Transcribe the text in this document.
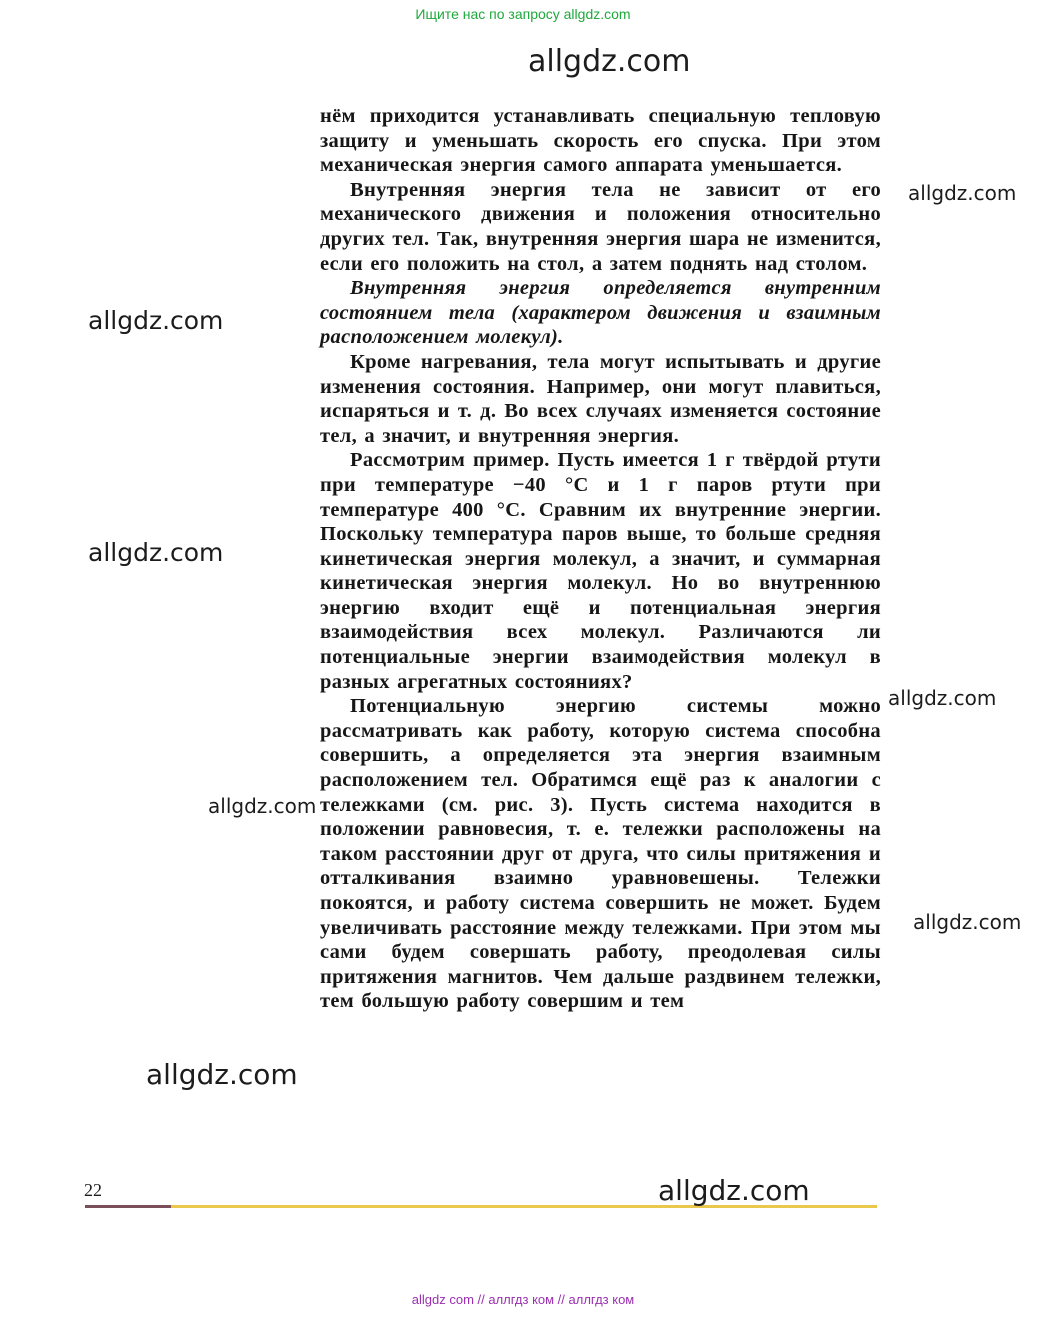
Ищите нас по запросу allgdz.com
allgdz.com

нём приходится устанавливать специальную тепловую защиту и уменьшать скорость его спуска. При этом механическая энергия самого аппарата уменьшается.

Внутренняя энергия тела не зависит от его механического движения и положения относительно других тел. Так, внутренняя энергия шара не изменится, если его положить на стол, а затем поднять над столом.

Внутренняя энергия определяется внутренним состоянием тела (характером движения и взаимным расположением молекул).

Кроме нагревания, тела могут испытывать и другие изменения состояния. Например, они могут плавиться, испаряться и т. д. Во всех случаях изменяется состояние тел, а значит, и внутренняя энергия.

Рассмотрим пример. Пусть имеется 1 г твёрдой ртути при температуре −40 °С и 1 г паров ртути при температуре 400 °С. Сравним их внутренние энергии. Поскольку температура паров выше, то больше средняя кинетическая энергия молекул, а значит, и суммарная кинетическая энергия молекул. Но во внутреннюю энергию входит ещё и потенциальная энергия взаимодействия всех молекул. Различаются ли потенциальные энергии взаимодействия молекул в разных агрегатных состояниях?

Потенциальную энергию системы можно рассматривать как работу, которую система способна совершить, а определяется эта энергия взаимным расположением тел. Обратимся ещё раз к аналогии с тележками (см. рис. 3). Пусть система находится в положении равновесия, т. е. тележки расположены на таком расстоянии друг от друга, что силы притяжения и отталкивания взаимно уравновешены. Тележки покоятся, и работу система совершить не может. Будем увеличивать расстояние между тележками. При этом мы сами будем совершать работу, преодолевая силы притяжения магнитов. Чем дальше раздвинем тележки, тем большую работу совершим и тем

allgdz.com
allgdz.com
allgdz.com
allgdz.com
allgdz.com
allgdz.com
allgdz.com
22	allgdz.com
allgdz com // аллгдз ком // аллгдз ком
